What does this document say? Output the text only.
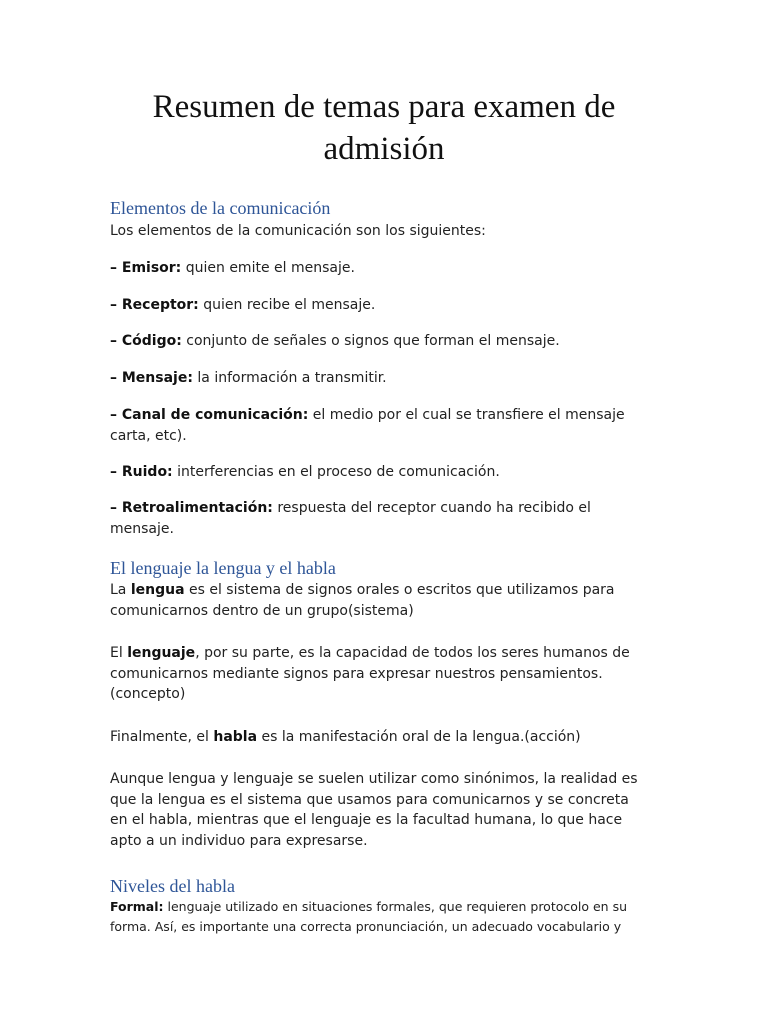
Resumen de temas para examen de
admisión
Elementos de la comunicación

Los elementos de la comunicación son los siguientes:

– Emisor: quien emite el mensaje.

– Receptor: quien recibe el mensaje.

– Código: conjunto de señales o signos que forman el mensaje.

– Mensaje: la información a transmitir.

– Canal de comunicación: el medio por el cual se transfiere el mensaje
carta, etc).

– Ruido: interferencias en el proceso de comunicación.

– Retroalimentación: respuesta del receptor cuando ha recibido el
mensaje.

El lenguaje la lengua y el habla

La lengua es el sistema de signos orales o escritos que utilizamos para
comunicarnos dentro de un grupo(sistema)

El lenguaje, por su parte, es la capacidad de todos los seres humanos de
comunicarnos mediante signos para expresar nuestros pensamientos.
(concepto)

Finalmente, el habla es la manifestación oral de la lengua.(acción)

Aunque lengua y lenguaje se suelen utilizar como sinónimos, la realidad es
que la lengua es el sistema que usamos para comunicarnos y se concreta
en el habla, mientras que el lenguaje es la facultad humana, lo que hace
apto a un individuo para expresarse.

Niveles del habla

Formal: lenguaje utilizado en situaciones formales, que requieren protocolo en su
forma. Así, es importante una correcta pronunciación, un adecuado vocabulario y
